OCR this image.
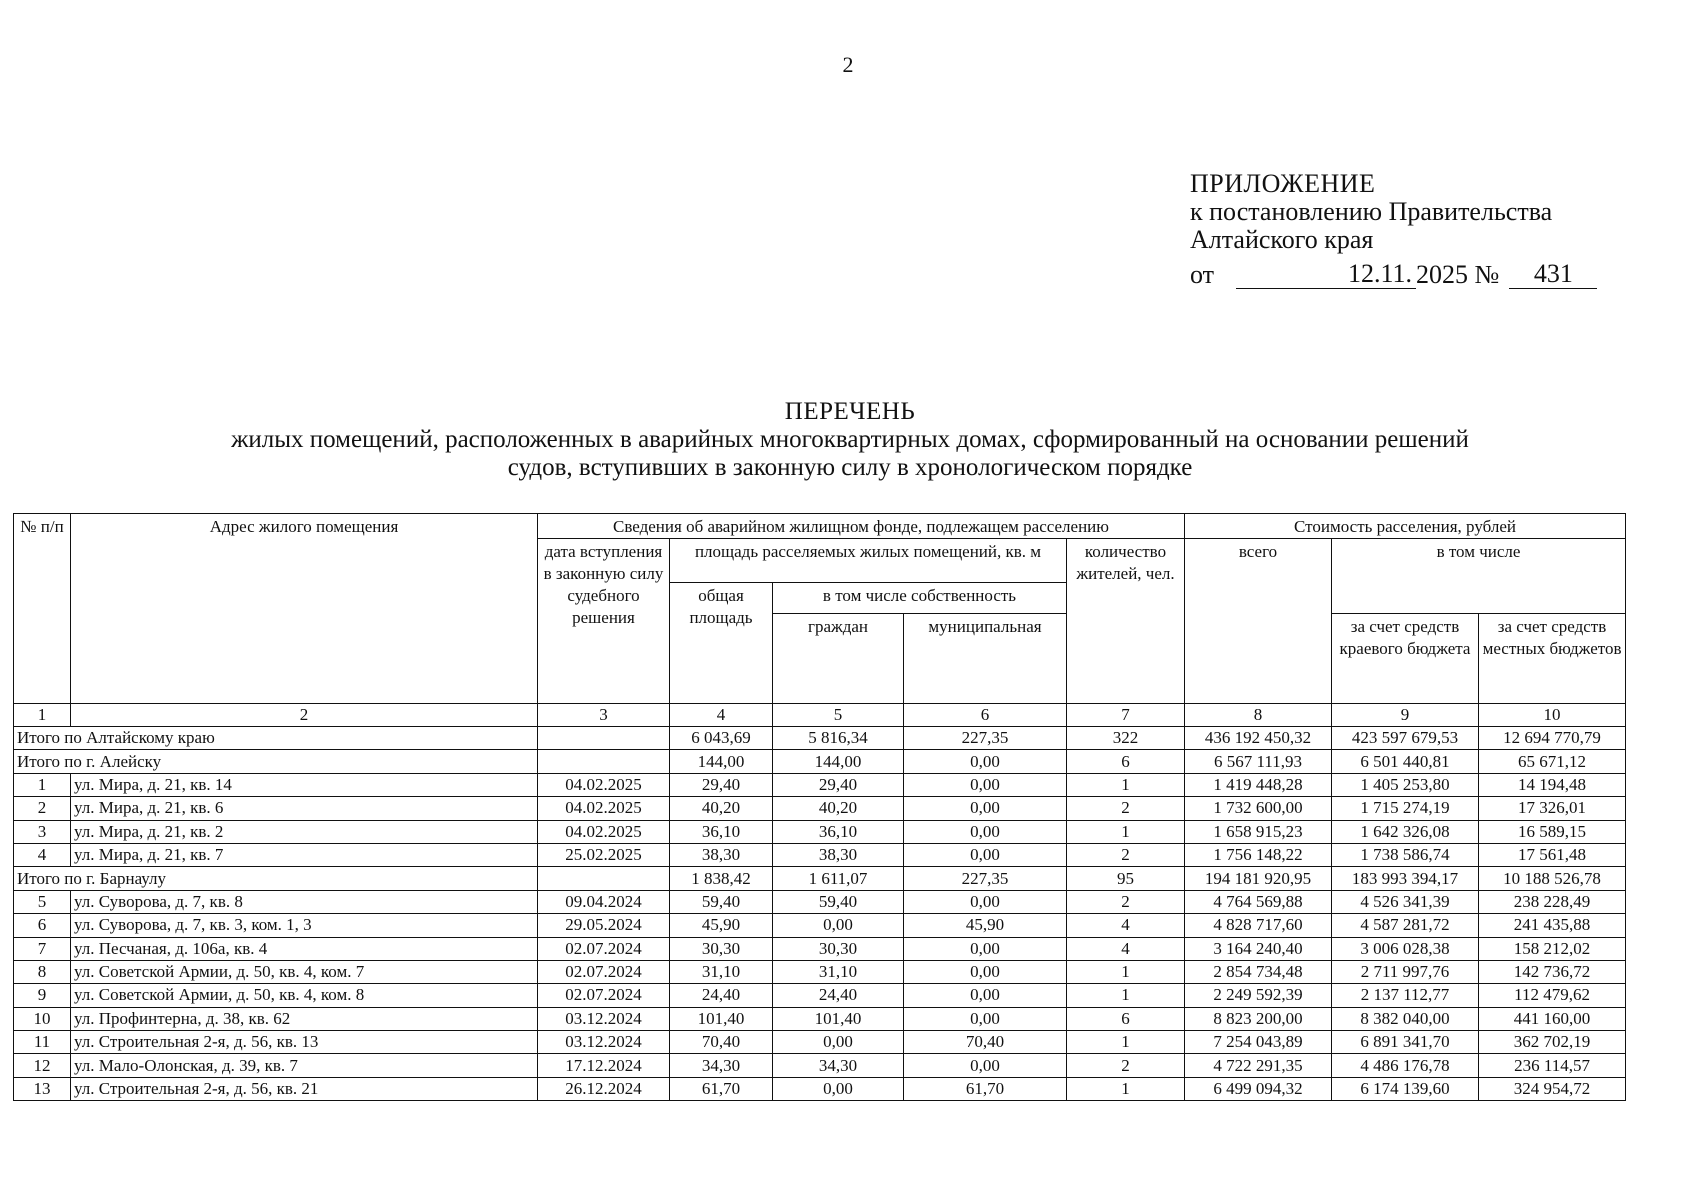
2
ПРИЛОЖЕНИЕ
к постановлению Правительства
Алтайского края
от	12.11. 2025 №	431
ПЕРЕЧЕНЬ
жилых помещений, расположенных в аварийных многоквартирных домах, сформированный на основании решений
судов, вступивших в законную силу в хронологическом порядке
№ п/п	Адрес жилого помещения	Сведения об аварийном жилищном фонде, подлежащем расселению					Стоимость расселения, рублей		
		дата вступления в законную силу судебного решения	площадь расселяемых жилых помещений, кв. м			количество жителей, чел.	всего	в том числе	
			общая площадь	в том числе собственность					
				граждан	муниципальная			за счет средств краевого бюджета	за счет средств местных бюджетов
1	2	3	4	5	6	7	8	9	10
Итого по Алтайскому краю			6 043,69	5 816,34	227,35	322	436 192 450,32	423 597 679,53	12 694 770,79
Итого по г. Алейску			144,00	144,00	0,00	6	6 567 111,93	6 501 440,81	65 671,12
1	ул. Мира, д. 21, кв. 14	04.02.2025	29,40	29,40	0,00	1	1 419 448,28	1 405 253,80	14 194,48
2	ул. Мира, д. 21, кв. 6	04.02.2025	40,20	40,20	0,00	2	1 732 600,00	1 715 274,19	17 326,01
3	ул. Мира, д. 21, кв. 2	04.02.2025	36,10	36,10	0,00	1	1 658 915,23	1 642 326,08	16 589,15
4	ул. Мира, д. 21, кв. 7	25.02.2025	38,30	38,30	0,00	2	1 756 148,22	1 738 586,74	17 561,48
Итого по г. Барнаулу			1 838,42	1 611,07	227,35	95	194 181 920,95	183 993 394,17	10 188 526,78
5	ул. Суворова, д. 7, кв. 8	09.04.2024	59,40	59,40	0,00	2	4 764 569,88	4 526 341,39	238 228,49
6	ул. Суворова, д. 7, кв. 3, ком. 1, 3	29.05.2024	45,90	0,00	45,90	4	4 828 717,60	4 587 281,72	241 435,88
7	ул. Песчаная, д. 106а, кв. 4	02.07.2024	30,30	30,30	0,00	4	3 164 240,40	3 006 028,38	158 212,02
8	ул. Советской Армии, д. 50, кв. 4, ком. 7	02.07.2024	31,10	31,10	0,00	1	2 854 734,48	2 711 997,76	142 736,72
9	ул. Советской Армии, д. 50, кв. 4, ком. 8	02.07.2024	24,40	24,40	0,00	1	2 249 592,39	2 137 112,77	112 479,62
10	ул. Профинтерна, д. 38, кв. 62	03.12.2024	101,40	101,40	0,00	6	8 823 200,00	8 382 040,00	441 160,00
11	ул. Строительная 2-я, д. 56, кв. 13	03.12.2024	70,40	0,00	70,40	1	7 254 043,89	6 891 341,70	362 702,19
12	ул. Мало-Олонская, д. 39, кв. 7	17.12.2024	34,30	34,30	0,00	2	4 722 291,35	4 486 176,78	236 114,57
13	ул. Строительная 2-я, д. 56, кв. 21	26.12.2024	61,70	0,00	61,70	1	6 499 094,32	6 174 139,60	324 954,72
